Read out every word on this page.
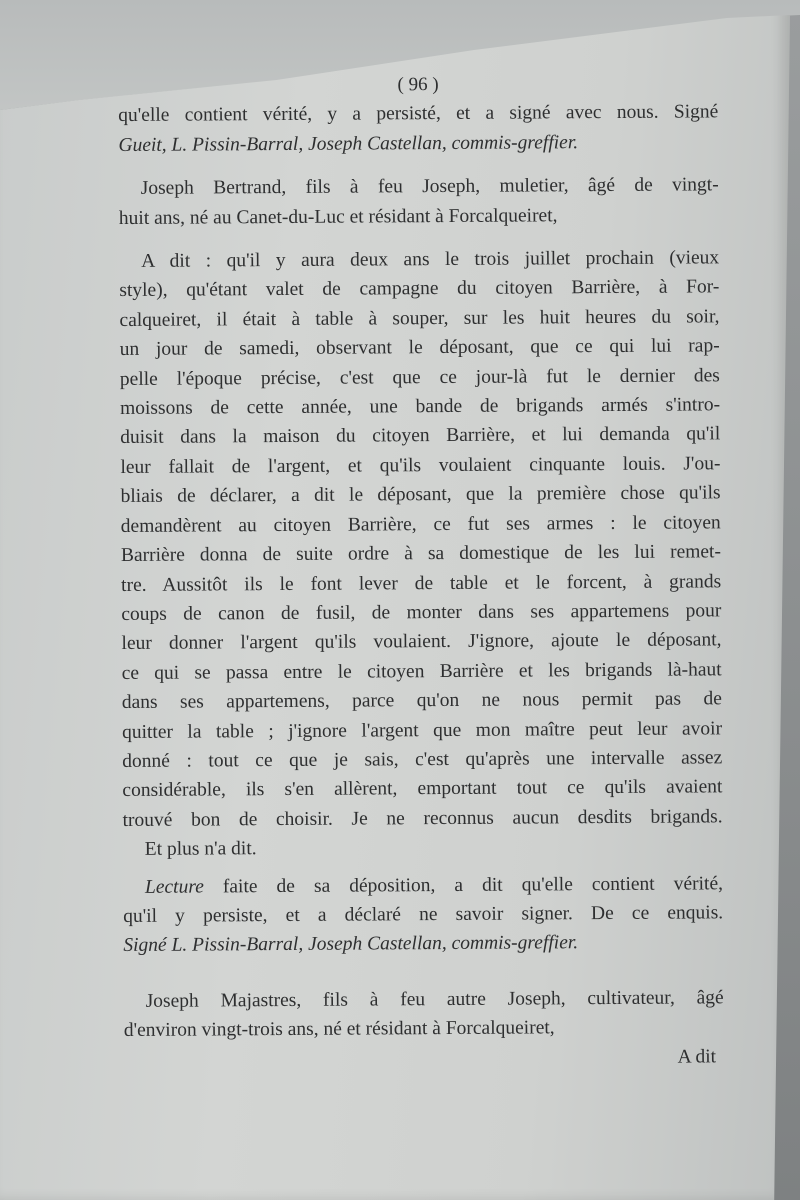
( 96 )
qu'elle contient vérité, y a persisté, et a signé avec nous. Signé
Gueit, L. Pissin-Barral, Joseph Castellan, commis-greffier.
Joseph Bertrand, fils à feu Joseph, muletier, âgé de vingt-
huit ans, né au Canet-du-Luc et résidant à Forcalqueiret,
A dit : qu'il y aura deux ans le trois juillet prochain (vieux
style), qu'étant valet de campagne du citoyen Barrière, à For-
calqueiret, il était à table à souper, sur les huit heures du soir,
un jour de samedi, observant le déposant, que ce qui lui rap-
pelle l'époque précise, c'est que ce jour-là fut le dernier des
moissons de cette année, une bande de brigands armés s'intro-
duisit dans la maison du citoyen Barrière, et lui demanda qu'il
leur fallait de l'argent, et qu'ils voulaient cinquante louis. J'ou-
bliais de déclarer, a dit le déposant, que la première chose qu'ils
demandèrent au citoyen Barrière, ce fut ses armes : le citoyen
Barrière donna de suite ordre à sa domestique de les lui remet-
tre. Aussitôt ils le font lever de table et le forcent, à grands
coups de canon de fusil, de monter dans ses appartemens pour
leur donner l'argent qu'ils voulaient. J'ignore, ajoute le déposant,
ce qui se passa entre le citoyen Barrière et les brigands là-haut
dans ses appartemens, parce qu'on ne nous permit pas de
quitter la table ; j'ignore l'argent que mon maître peut leur avoir
donné : tout ce que je sais, c'est qu'après une intervalle assez
considérable, ils s'en allèrent, emportant tout ce qu'ils avaient
trouvé bon de choisir. Je ne reconnus aucun desdits brigands.
Et plus n'a dit.
Lecture faite de sa déposition, a dit qu'elle contient vérité,
qu'il y persiste, et a déclaré ne savoir signer. De ce enquis.
Signé L. Pissin-Barral, Joseph Castellan, commis-greffier.
Joseph Majastres, fils à feu autre Joseph, cultivateur, âgé
d'environ vingt-trois ans, né et résidant à Forcalqueiret,
A dit
